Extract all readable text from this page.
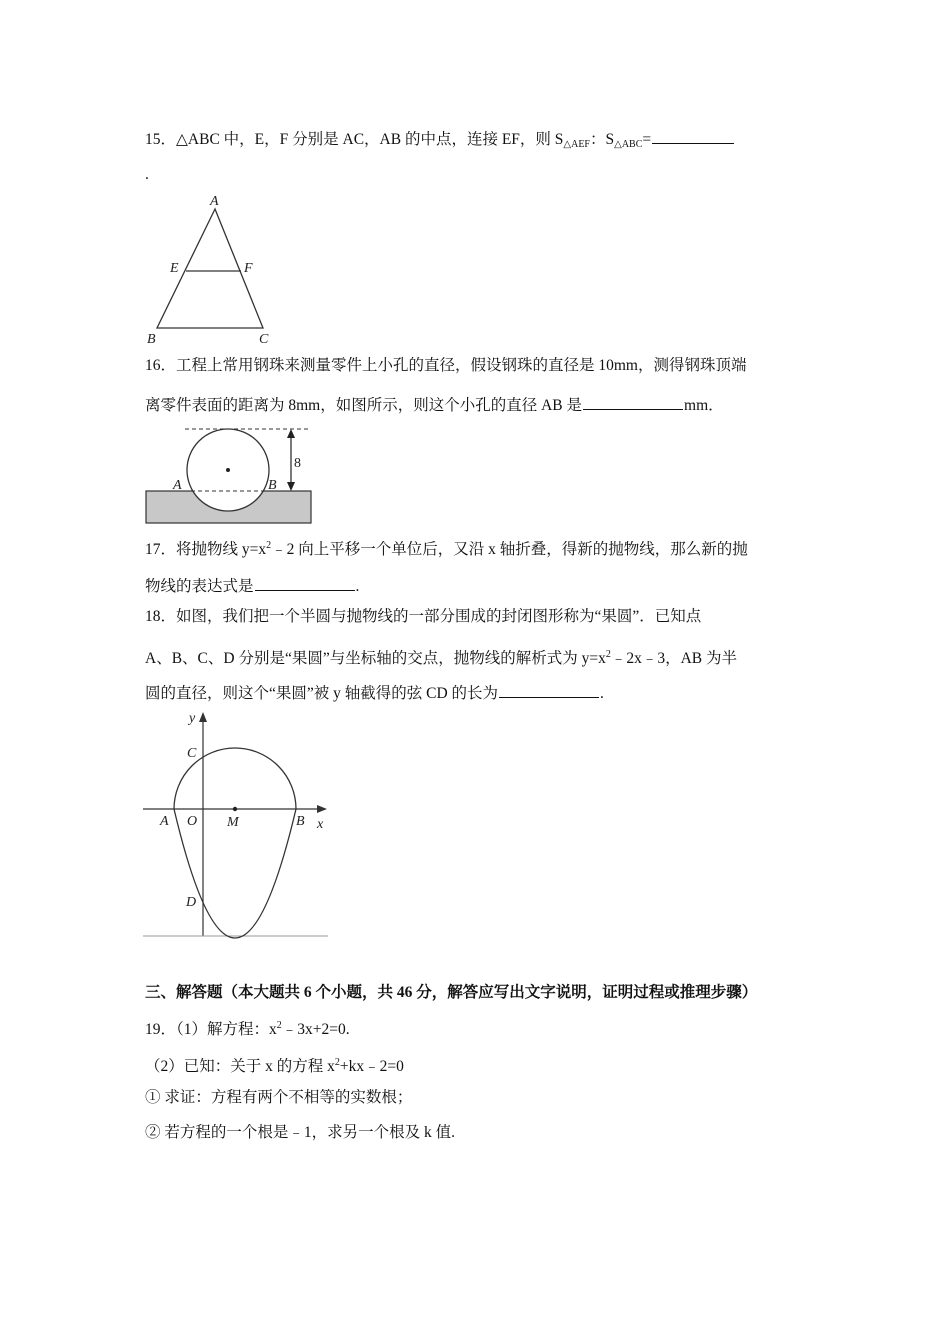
15．△ABC 中，E，F 分别是 AC，AB 的中点，连接 EF，则 $S_{\triangle AEF}$：$S_{\triangle ABC}=$
.
A
E	F
B	C
16．工程上常用钢珠来测量零件上小孔的直径，假设钢珠的直径是 10mm，测得钢珠顶端
离零件表面的距离为 8mm，如图所示，则这个小孔的直径 AB 是	mm．
8
A	B
17．将抛物线 $y=x^2﹣2$ 向上平移一个单位后，又沿 x 轴折叠，得新的抛物线，那么新的抛
物线的表达式是	.
18．如图，我们把一个半圆与抛物线的一部分围成的封闭图形称为“果圆”．已知点
A、B、C、D 分别是“果圆”与坐标轴的交点，抛物线的解析式为 $y=x^2﹣2x﹣3$，AB 为半
圆的直径，则这个“果圆”被 y 轴截得的弦 CD 的长为	.
y
C
A O M	B x
D
三、解答题（本大题共 6 个小题，共 46 分，解答应写出文字说明，证明过程或推理步骤）
19．（1）解方程：$x^2﹣3x+2=0$.
（2）已知：关于 x 的方程 $x^2+kx﹣2=0$
① 求证：方程有两个不相等的实数根；
② 若方程的一个根是﹣1，求另一个根及 k 值.
